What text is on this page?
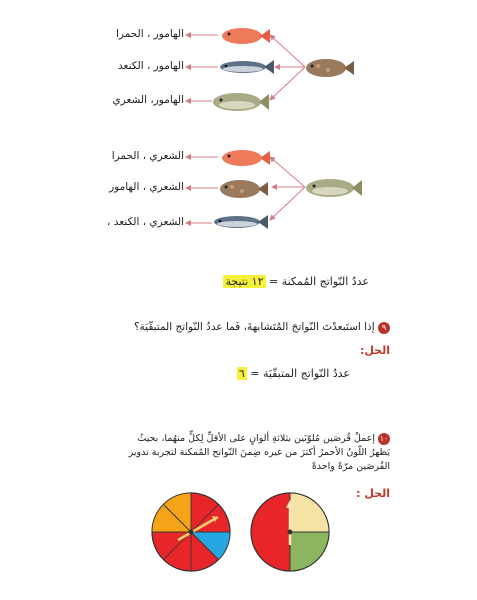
الهامور ، الحمرا
الهامور ، الكنعد
الهامور، الشعري
الشعري ، الحمرا
الشعري ، الهامور
الشعري ، الكنعد ،
عددُ النّواتج المُمكنة = ١٢ نتيجة
٩ إذا استَبعدْتَ النّواتجَ المُتَشابهةَ، فَما عددُ النّواتج المتبقّيَة؟
الحل:
عددُ النّواتج المتبقّيَة = ٦
١٠ إعملْ قُرصَين مُلوّنَين بثلاثةِ ألوانٍ على الأقلِّ لِكلٍّ منهُما، بحيثُ
يَظهرُ اللّونُ الأحمرُ أكثرَ من غيره ضِمنَ النّواتج المُمكنة لتجربة تدوير
القُرصَين مرّةً واحدةً
الحل :
